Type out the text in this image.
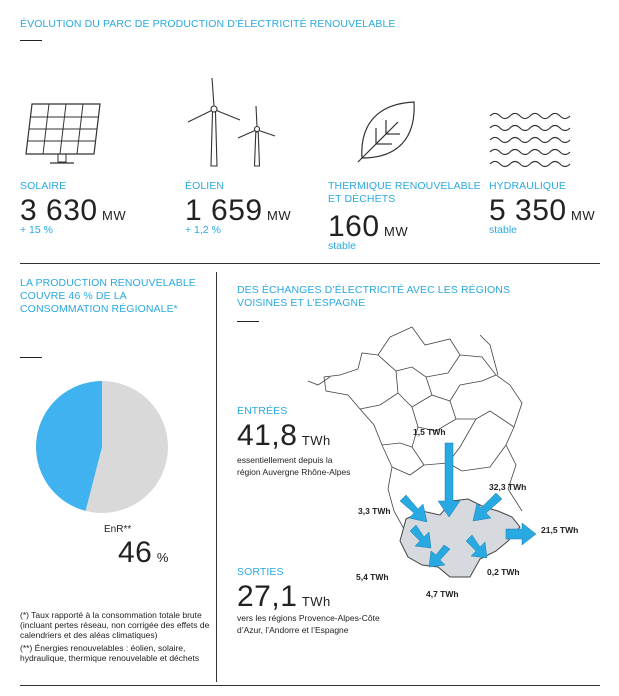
ÉVOLUTION DU PARC DE PRODUCTION D’ÉLECTRICITÉ RENOUVELABLE
SOLAIRE
3 630 MW
+ 15 %
ÉOLIEN
1 659 MW
+ 1,2 %
THERMIQUE RENOUVELABLE ET DÉCHETS
160 MW
stable
HYDRAULIQUE
5 350 MW
stable
LA PRODUCTION RENOUVELABLE COUVRE 46 % DE LA CONSOMMATION RÉGIONALE*
EnR**
46 %
(*) Taux rapporté à la consommation totale brute (incluant pertes réseau, non corrigée des effets de calendriers et des aléas climatiques)
(**) Énergies renouvelables : éolien, solaire, hydraulique, thermique renouvelable et déchets
DES ÉCHANGES D’ÉLECTRICITÉ AVEC LES RÉGIONS VOISINES ET L’ESPAGNE
1,5 TWh
32,3 TWh
3,3 TWh
21,5 TWh
5,4 TWh	0,2 TWh
4,7 TWh
ENTRÉES
41,8 TWh
essentiellement depuis la région Auvergne Rhône-Alpes
SORTIES
27,1 TWh
vers les régions Provence-Alpes-Côte d’Azur, l’Andorre et l’Espagne
